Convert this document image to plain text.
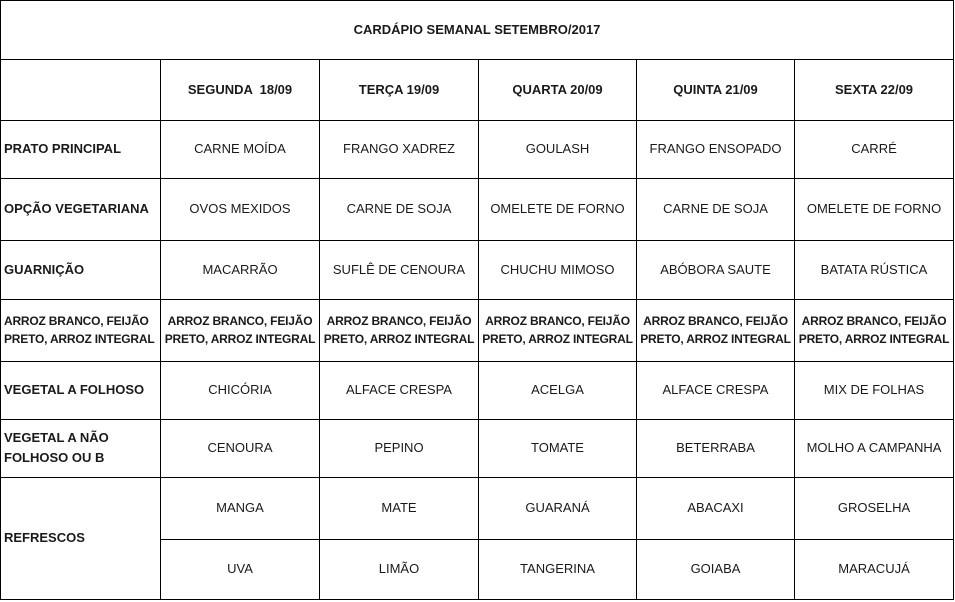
CARDÁPIO SEMANAL SETEMBRO/2017					
	SEGUNDA  18/09	TERÇA 19/09	QUARTA 20/09	QUINTA 21/09	SEXTA 22/09
PRATO PRINCIPAL	CARNE MOÍDA	FRANGO XADREZ	GOULASH	FRANGO ENSOPADO	CARRÉ
OPÇÃO VEGETARIANA	OVOS MEXIDOS	CARNE DE SOJA	OMELETE DE FORNO	CARNE DE SOJA	OMELETE DE FORNO
GUARNIÇÃO	MACARRÃO	SUFLÊ DE CENOURA	CHUCHU MIMOSO	ABÓBORA SAUTE	BATATA RÚSTICA
ARROZ BRANCO, FEIJÃO PRETO, ARROZ INTEGRAL	ARROZ BRANCO, FEIJÃO PRETO, ARROZ INTEGRAL	ARROZ BRANCO, FEIJÃO PRETO, ARROZ INTEGRAL	ARROZ BRANCO, FEIJÃO PRETO, ARROZ INTEGRAL	ARROZ BRANCO, FEIJÃO PRETO, ARROZ INTEGRAL	ARROZ BRANCO, FEIJÃO PRETO, ARROZ INTEGRAL
VEGETAL A FOLHOSO	CHICÓRIA	ALFACE CRESPA	ACELGA	ALFACE CRESPA	MIX DE FOLHAS
VEGETAL A NÃO FOLHOSO OU B	CENOURA	PEPINO	TOMATE	BETERRABA	MOLHO A CAMPANHA
REFRESCOS	MANGA	MATE	GUARANÁ	ABACAXI	GROSELHA
	UVA	LIMÃO	TANGERINA	GOIABA	MARACUJÁ
